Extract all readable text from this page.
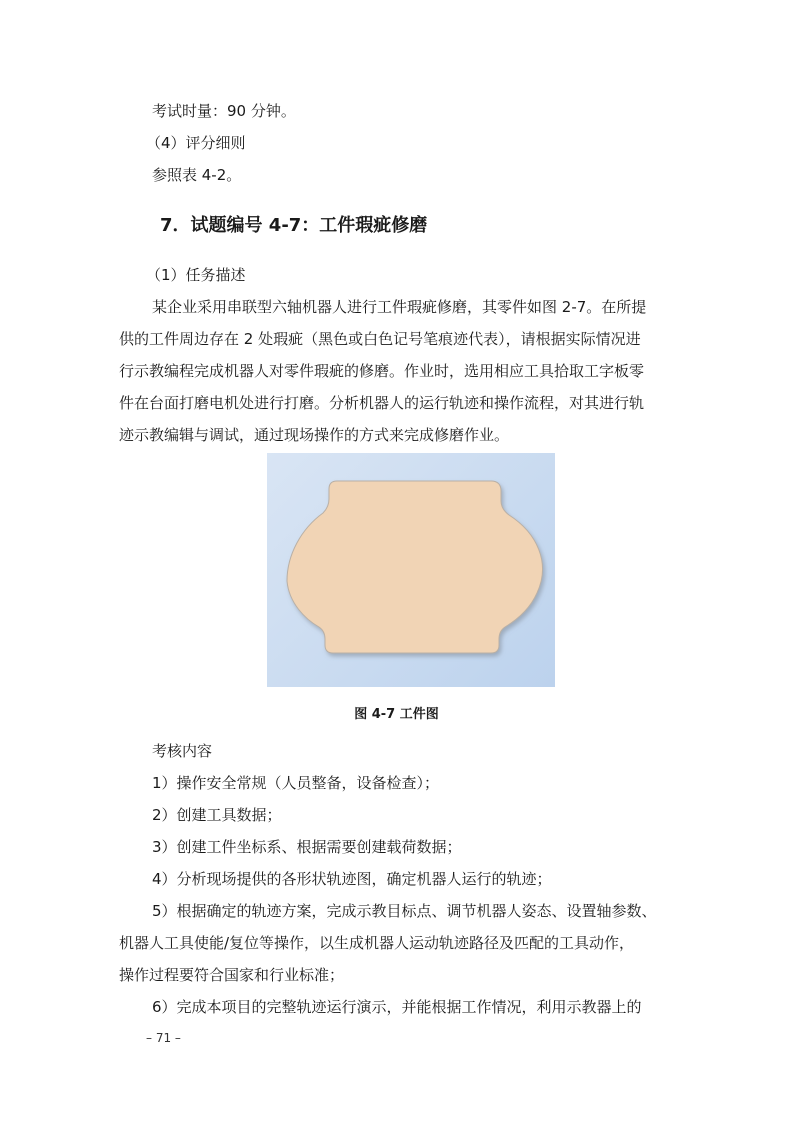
考试时量：90 分钟。
（4）评分细则
参照表 4-2。
7．试题编号 4-7：工件瑕疵修磨
（1）任务描述
某企业采用串联型六轴机器人进行工件瑕疵修磨，其零件如图 2-7。在所提
供的工件周边存在 2 处瑕疵（黑色或白色记号笔痕迹代表），请根据实际情况进
行示教编程完成机器人对零件瑕疵的修磨。作业时，选用相应工具拾取工字板零
件在台面打磨电机处进行打磨。分析机器人的运行轨迹和操作流程，对其进行轨
迹示教编辑与调试，通过现场操作的方式来完成修磨作业。
图 4-7 工件图
考核内容
1）操作安全常规（人员整备，设备检查）；
2）创建工具数据；
3）创建工件坐标系、根据需要创建载荷数据；
4）分析现场提供的各形状轨迹图，确定机器人运行的轨迹；
5）根据确定的轨迹方案，完成示教目标点、调节机器人姿态、设置轴参数、
机器人工具使能/复位等操作，以生成机器人运动轨迹路径及匹配的工具动作，
操作过程要符合国家和行业标准；
6）完成本项目的完整轨迹运行演示，并能根据工作情况，利用示教器上的
– 71 –
